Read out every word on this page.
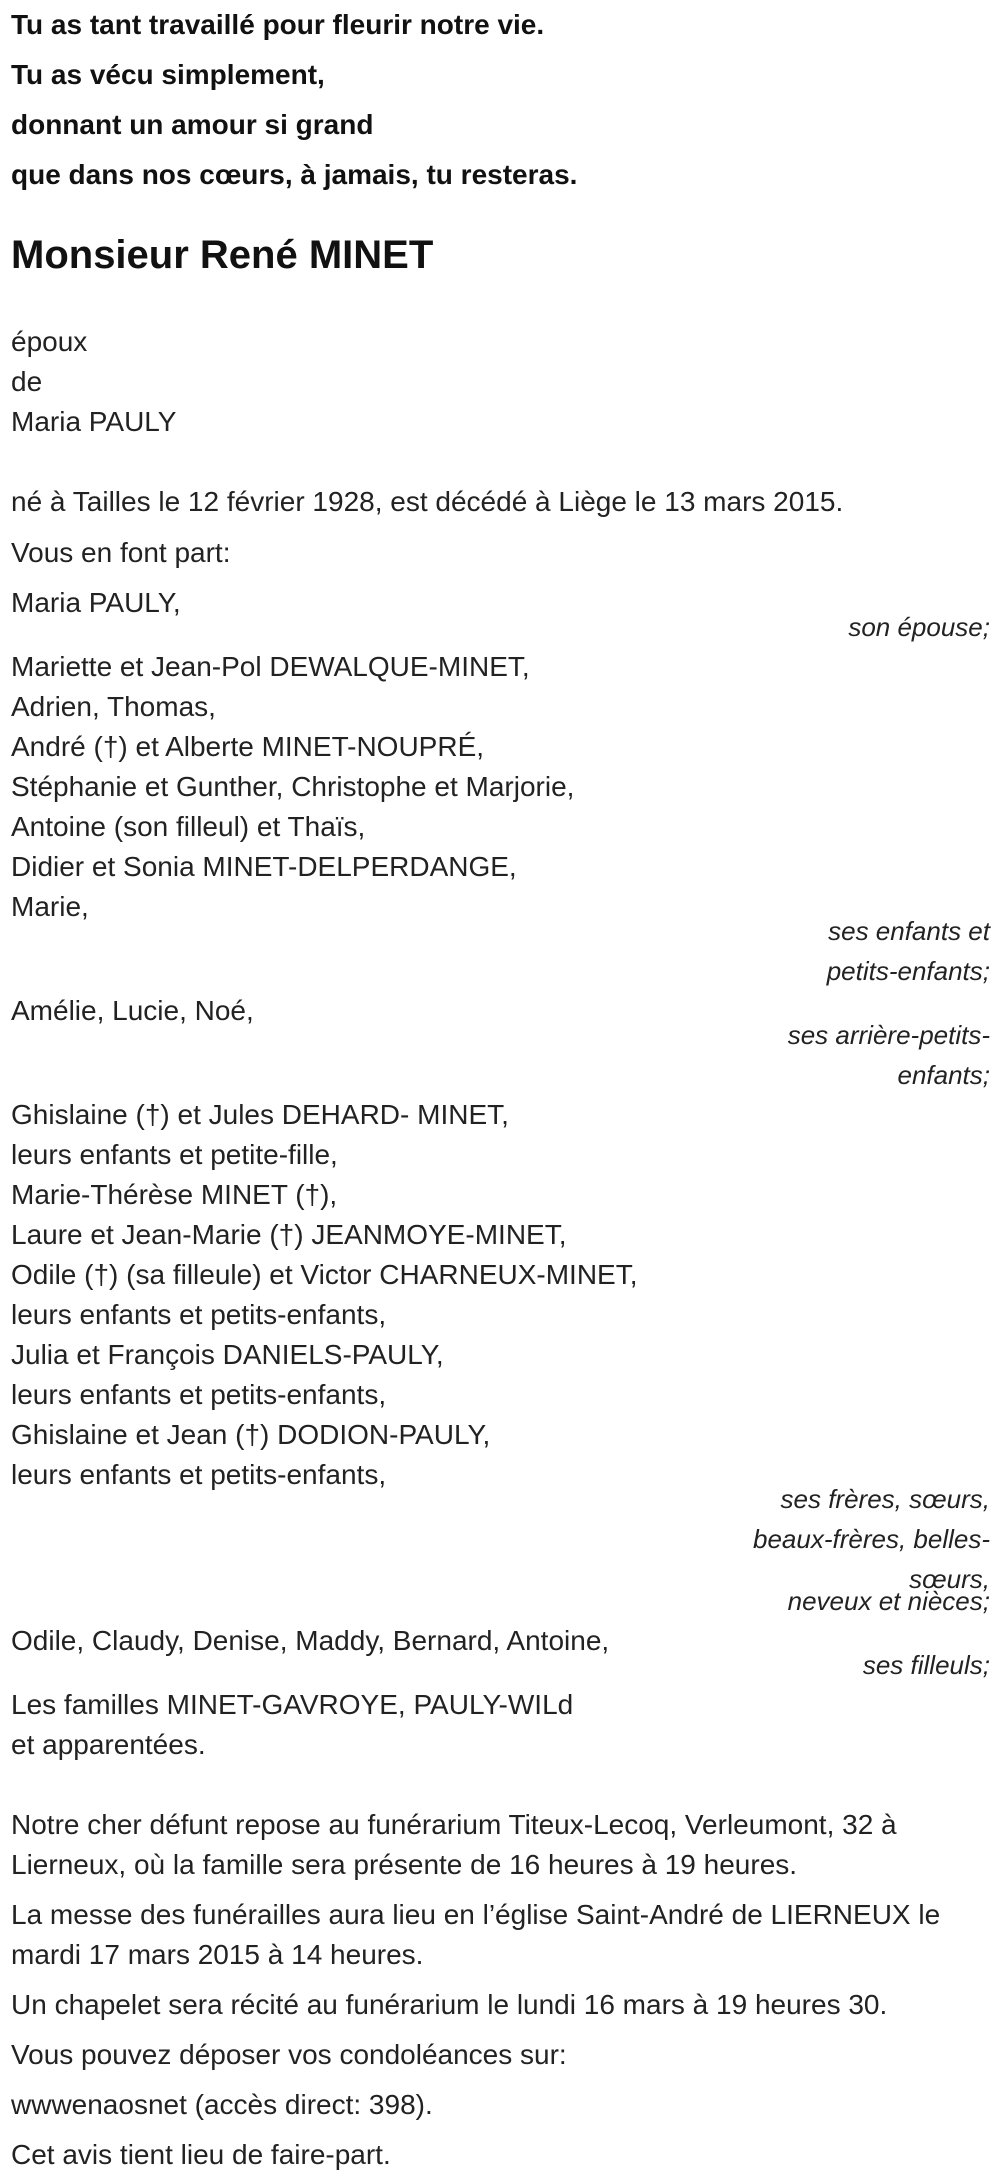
Tu as tant travaillé pour fleurir notre vie.
Tu as vécu simplement,
donnant un amour si grand
que dans nos cœurs, à jamais, tu resteras.
Monsieur René MINET
époux
de
Maria PAULY
né à Tailles le 12 février 1928, est décédé à Liège le 13 mars 2015.
Vous en font part:
Maria PAULY,
son épouse;
Mariette et Jean-Pol DEWALQUE-MINET,
Adrien, Thomas,
André (†) et Alberte MINET-NOUPRÉ,
Stéphanie et Gunther, Christophe et Marjorie,
Antoine (son filleul) et Thaïs,
Didier et Sonia MINET-DELPERDANGE,
Marie,
ses enfants et
petits-enfants;
Amélie, Lucie, Noé,
ses arrière-petits-
enfants;
Ghislaine (†) et Jules DEHARD- MINET,
leurs enfants et petite-fille,
Marie-Thérèse MINET (†),
Laure et Jean-Marie (†) JEANMOYE-MINET,
Odile (†) (sa filleule) et Victor CHARNEUX-MINET,
leurs enfants et petits-enfants,
Julia et François DANIELS-PAULY,
leurs enfants et petits-enfants,
Ghislaine et Jean (†) DODION-PAULY,
leurs enfants et petits-enfants,
ses frères, sœurs,
beaux-frères, belles-
sœurs,
neveux et nièces;
Odile, Claudy, Denise, Maddy, Bernard, Antoine,
ses filleuls;
Les familles MINET-GAVROYE, PAULY-WILd
et apparentées.
Notre cher défunt repose au funérarium Titeux-Lecoq, Verleumont, 32 à
Lierneux, où la famille sera présente de 16 heures à 19 heures.
La messe des funérailles aura lieu en l’église Saint-André de LIERNEUX le
mardi 17 mars 2015 à 14 heures.
Un chapelet sera récité au funérarium le lundi 16 mars à 19 heures 30.
Vous pouvez déposer vos condoléances sur:
wwwenaosnet (accès direct: 398).
Cet avis tient lieu de faire-part.
